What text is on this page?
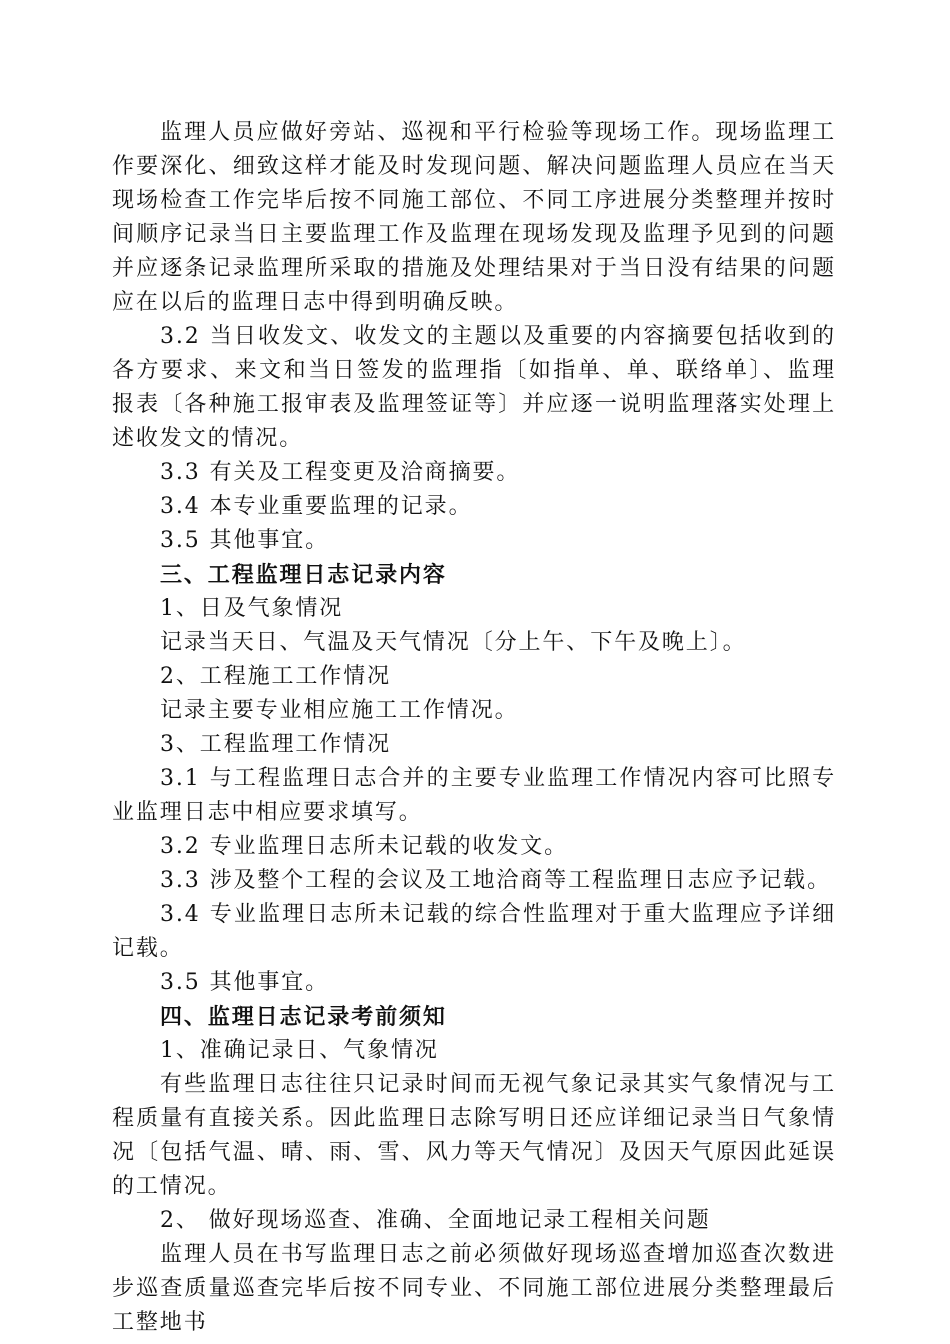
监理人员应做好旁站、巡视和平行检验等现场工作。现场监理工作要深化、细致这样才能及时发现问题、解决问题监理人员应在当天现场检查工作完毕后按不同施工部位、不同工序进展分类整理并按时间顺序记录当日主要监理工作及监理在现场发现及监理予见到的问题并应逐条记录监理所采取的措施及处理结果对于当日没有结果的问题应在以后的监理日志中得到明确反映。

3.2 当日收发文、收发文的主题以及重要的内容摘要包括收到的各方要求、来文和当日签发的监理指〔如指单、单、联络单〕、监理报表〔各种施工报审表及监理签证等〕并应逐一说明监理落实处理上述收发文的情况。

3.3 有关及工程变更及洽商摘要。

3.4 本专业重要监理的记录。

3.5 其他事宜。

三、工程监理日志记录内容

1、日及气象情况

记录当天日、气温及天气情况〔分上午、下午及晚上〕。

2、工程施工工作情况

记录主要专业相应施工工作情况。

3、工程监理工作情况

3.1 与工程监理日志合并的主要专业监理工作情况内容可比照专业监理日志中相应要求填写。

3.2 专业监理日志所未记载的收发文。

3.3 涉及整个工程的会议及工地洽商等工程监理日志应予记载。

3.4 专业监理日志所未记载的综合性监理对于重大监理应予详细记载。

3.5 其他事宜。

四、监理日志记录考前须知

1、准确记录日、气象情况

有些监理日志往往只记录时间而无视气象记录其实气象情况与工程质量有直接关系。因此监理日志除写明日还应详细记录当日气象情况〔包括气温、晴、雨、雪、风力等天气情况〕及因天气原因此延误的工情况。

2、 做好现场巡查、准确、全面地记录工程相关问题

监理人员在书写监理日志之前必须做好现场巡查增加巡查次数进步巡查质量巡查完毕后按不同专业、不同施工部位进展分类整理最后工整地书
